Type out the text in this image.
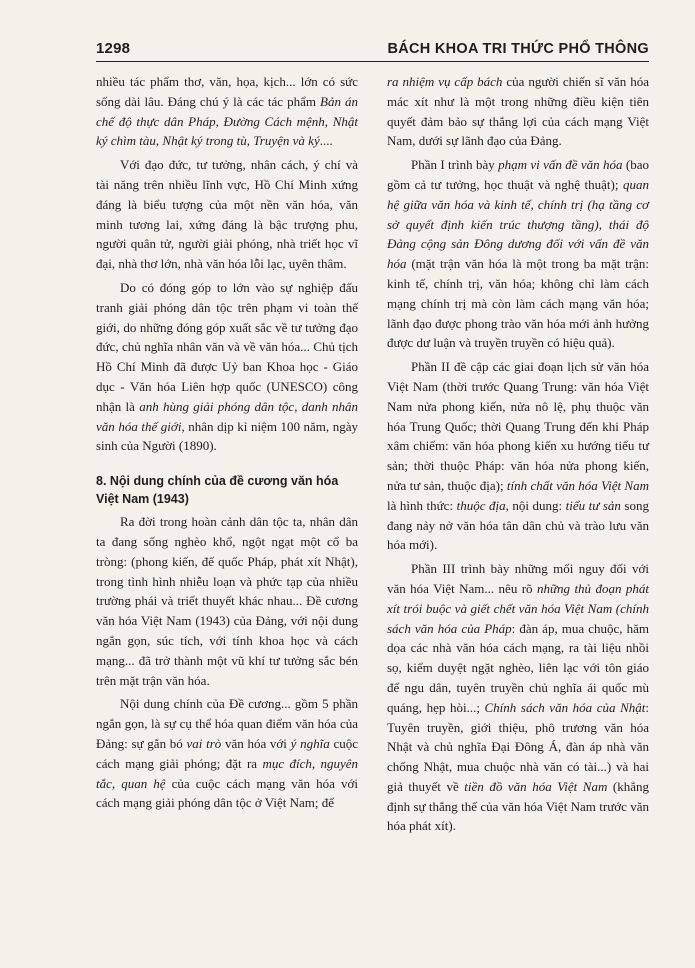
1298	BÁCH KHOA TRI THỨC PHỔ THÔNG

nhiều tác phẩm thơ, văn, họa, kịch... lớn có sức sống dài lâu. Đáng chú ý là các tác phẩm Bản án chế độ thực dân Pháp, Đường Cách mệnh, Nhật ký chìm tàu, Nhật ký trong tù, Truyện và ký....

Với đạo đức, tư tưởng, nhân cách, ý chí và tài năng trên nhiều lĩnh vực, Hồ Chí Minh xứng đáng là biểu tượng của một nền văn hóa, văn minh tương lai, xứng đáng là bậc trượng phu, người quân tử, người giải phóng, nhà triết học vĩ đại, nhà thơ lớn, nhà văn hóa lỗi lạc, uyên thâm.

Do có đóng góp to lớn vào sự nghiệp đấu tranh giải phóng dân tộc trên phạm vi toàn thế giới, do những đóng góp xuất sắc về tư tưởng đạo đức, chủ nghĩa nhân văn và về văn hóa... Chủ tịch Hồ Chí Minh đã được Uỷ ban Khoa học - Giáo dục - Văn hóa Liên hợp quốc (UNESCO) công nhận là anh hùng giải phóng dân tộc, danh nhân văn hóa thế giới, nhân dịp kỉ niệm 100 năm, ngày sinh của Người (1890).

8. Nội dung chính của đề cương văn hóa Việt Nam (1943)

Ra đời trong hoàn cảnh dân tộc ta, nhân dân ta đang sống nghèo khổ, ngột ngạt một cổ ba tròng: (phong kiến, đế quốc Pháp, phát xít Nhật), trong tình hình nhiễu loạn và phức tạp của nhiều trường phái và triết thuyết khác nhau... Đề cương văn hóa Việt Nam (1943) của Đảng, với nội dung ngắn gọn, súc tích, với tính khoa học và cách mạng... đã trở thành một vũ khí tư tưởng sắc bén trên mặt trận văn hóa.

Nội dung chính của Đề cương... gồm 5 phần ngắn gọn, là sự cụ thể hóa quan điểm văn hóa của Đảng: sự gắn bó vai trò văn hóa với ý nghĩa cuộc cách mạng giải phóng; đặt ra mục đích, nguyên tắc, quan hệ của cuộc cách mạng văn hóa với cách mạng giải phóng dân tộc ở Việt Nam; để

ra nhiệm vụ cấp bách của người chiến sĩ văn hóa mác xít như là một trong những điều kiện tiên quyết đảm bảo sự thắng lợi của cách mạng Việt Nam, dưới sự lãnh đạo của Đảng.

Phần I trình bày phạm vi vấn đề văn hóa (bao gồm cả tư tưởng, học thuật và nghệ thuật); quan hệ giữa văn hóa và kinh tế, chính trị (hạ tầng cơ sở quyết định kiến trúc thượng tầng), thái độ Đảng cộng sản Đông dương đối với vấn đề văn hóa (mặt trận văn hóa là một trong ba mặt trận: kinh tế, chính trị, văn hóa; không chỉ làm cách mạng chính trị mà còn làm cách mạng văn hóa; lãnh đạo được phong trào văn hóa mới ảnh hưởng được dư luận và truyền truyền có hiệu quả).

Phần II đề cập các giai đoạn lịch sử văn hóa Việt Nam (thời trước Quang Trung: văn hóa Việt Nam nửa phong kiến, nửa nô lệ, phụ thuộc văn hóa Trung Quốc; thời Quang Trung đến khi Pháp xâm chiếm: văn hóa phong kiến xu hướng tiểu tư sản; thời thuộc Pháp: văn hóa nửa phong kiến, nửa tư sản, thuộc địa); tính chất văn hóa Việt Nam là hình thức: thuộc địa, nội dung: tiểu tư sản song đang nảy nở văn hóa tân dân chủ và trào lưu văn hóa mới).

Phần III trình bày những mối nguy đối với văn hóa Việt Nam... nêu rõ những thủ đoạn phát xít trói buộc và giết chết văn hóa Việt Nam (chính sách văn hóa của Pháp: đàn áp, mua chuộc, hăm dọa các nhà văn hóa cách mạng, ra tài liệu nhồi sọ, kiểm duyệt ngặt nghèo, liên lạc với tôn giáo để ngu dân, tuyên truyền chủ nghĩa ái quốc mù quáng, hẹp hòi...; Chính sách văn hóa của Nhật: Tuyên truyền, giới thiệu, phô trương văn hóa Nhật và chủ nghĩa Đại Đông Á, đàn áp nhà văn chống Nhật, mua chuộc nhà văn có tài...) và hai giả thuyết về tiền đồ văn hóa Việt Nam (khẳng định sự thắng thế của văn hóa Việt Nam trước văn hóa phát xít).
